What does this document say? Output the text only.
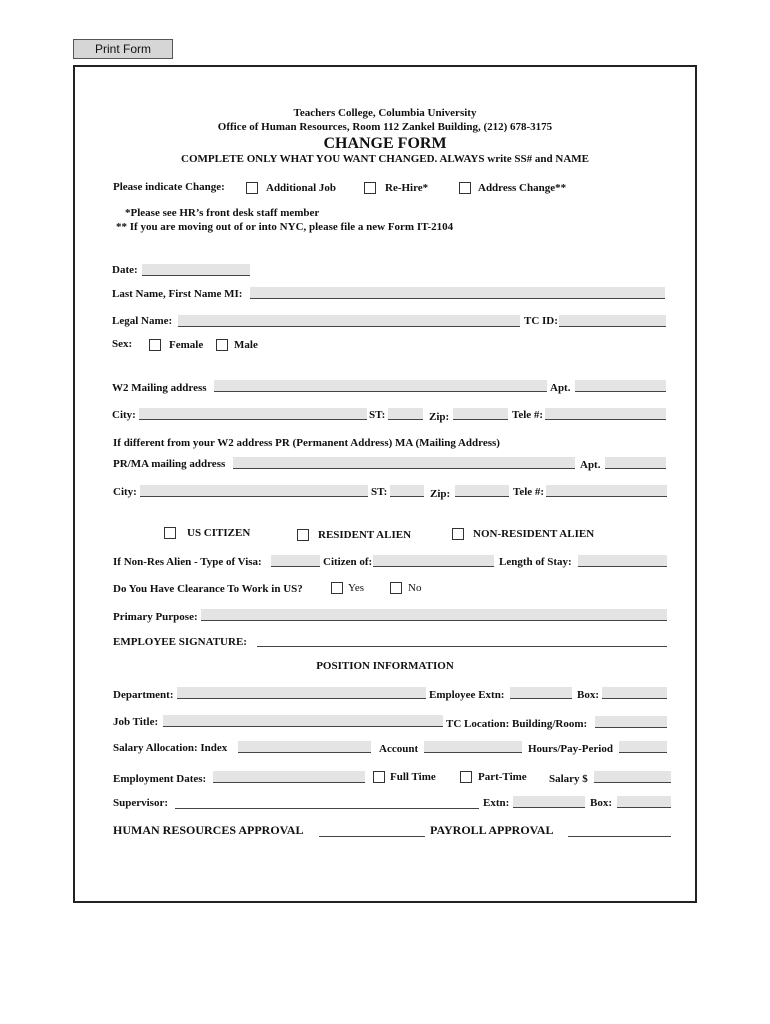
Print Form
Teachers College, Columbia University
Office of Human Resources, Room 112 Zankel Building, (212) 678-3175
CHANGE FORM
COMPLETE ONLY WHAT YOU WANT CHANGED. ALWAYS write SS# and NAME
Please indicate Change:	Additional Job	Re-Hire*	Address Change**
*Please see HR’s front desk staff member
** If you are moving out of or into NYC, please file a new Form IT-2104
Date:
Last Name, First Name MI:
Legal Name:	TC ID:
Sex:	Female	Male
W2 Mailing address	Apt.
City:	ST:	Zip:	Tele #:
If different from your W2 address PR (Permanent Address) MA (Mailing Address)
PR/MA mailing address	Apt.
City:	ST:	Zip:	Tele #:
US CITIZEN	RESIDENT ALIEN	NON-RESIDENT ALIEN
If Non-Res Alien - Type of Visa:	Citizen of:	Length of Stay:
Do You Have Clearance To Work in US?	Yes	No
Primary Purpose:
EMPLOYEE SIGNATURE:
POSITION INFORMATION
Department:	Employee Extn:	Box:
Job Title:	TC Location: Building/Room:
Salary Allocation: Index	Account	Hours/Pay-Period
Employment Dates:	Full Time	Part-Time Salary $
Supervisor:	Extn:	Box:
HUMAN RESOURCES APPROVAL	PAYROLL APPROVAL
